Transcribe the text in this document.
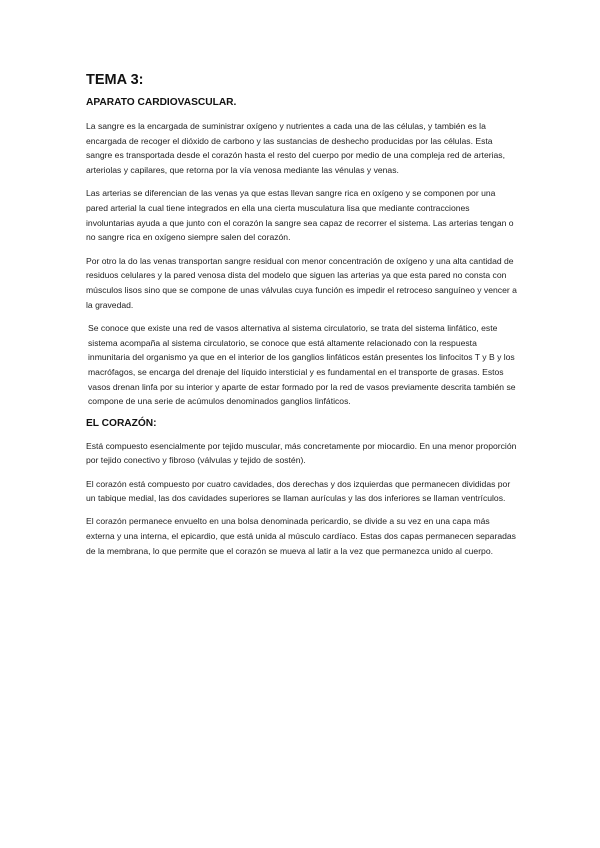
TEMA 3:
APARATO CARDIOVASCULAR.

La sangre es la encargada de suministrar oxígeno y nutrientes a cada una de las células, y también es la encargada de recoger el dióxido de carbono y las sustancias de deshecho producidas por las células. Esta sangre es transportada desde el corazón hasta el resto del cuerpo por medio de una compleja red de arterias, arteriolas y capilares, que retorna por la vía venosa mediante las vénulas y venas.

Las arterias se diferencian de las venas ya que estas llevan sangre rica en oxígeno y se componen por una pared arterial la cual tiene integrados en ella una cierta musculatura lisa que mediante contracciones involuntarias ayuda a que junto con el corazón la sangre sea capaz de recorrer el sistema. Las arterias tengan o no sangre rica en oxígeno siempre salen del corazón.

Por otro la do las venas transportan sangre residual con menor concentración de oxígeno y una alta cantidad de residuos celulares y la pared venosa dista del modelo que siguen las arterias ya que esta pared no consta con músculos lisos sino que se compone de unas válvulas cuya función es impedir el retroceso sanguíneo y vencer a la gravedad.

Se conoce que existe una red de vasos alternativa al sistema circulatorio, se trata del sistema linfático, este sistema acompaña al sistema circulatorio, se conoce que está altamente relacionado con la respuesta inmunitaria del organismo ya que en el interior de los ganglios linfáticos están presentes los linfocitos T y B y los macrófagos, se encarga del drenaje del líquido intersticial y es fundamental en el transporte de grasas. Estos vasos drenan linfa por su interior y aparte de estar formado por la red de vasos previamente descrita también se compone de una serie de acúmulos denominados ganglios linfáticos.

EL CORAZÓN:

Está compuesto esencialmente por tejido muscular, más concretamente por miocardio. En una menor proporción por tejido conectivo y fibroso (válvulas y tejido de sostén).

El corazón está compuesto por cuatro cavidades, dos derechas y dos izquierdas que permanecen divididas por un tabique medial, las dos cavidades superiores se llaman aurículas y las dos inferiores se llaman ventrículos.

El corazón permanece envuelto en una bolsa denominada pericardio, se divide a su vez en una capa más externa y una interna, el epicardio, que está unida al músculo cardíaco. Estas dos capas permanecen separadas de la membrana, lo que permite que el corazón se mueva al latir a la vez que permanezca unido al cuerpo.
